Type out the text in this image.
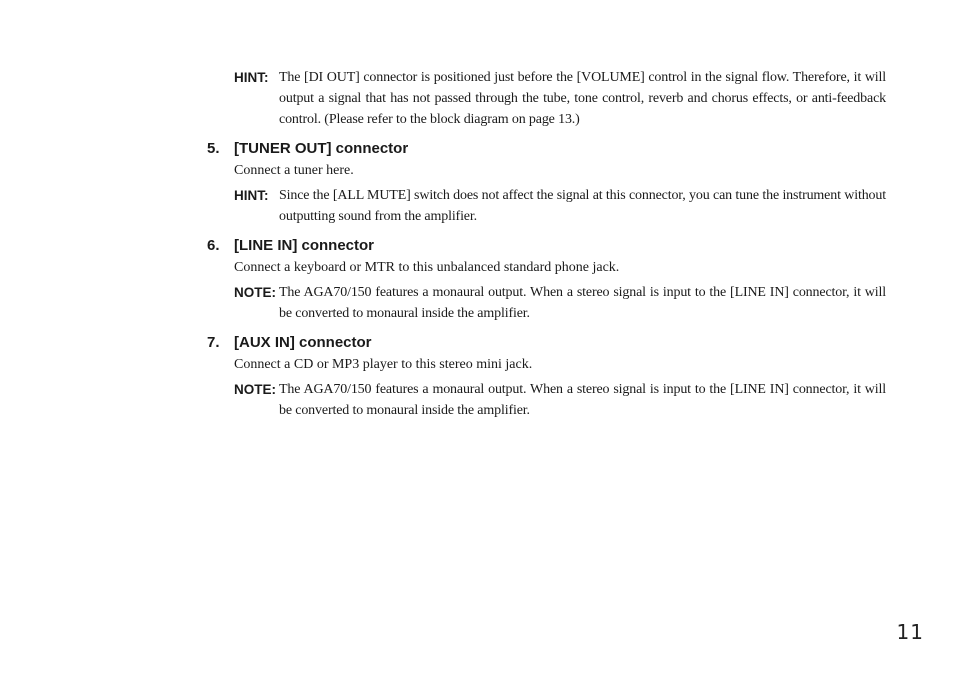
HINT: The [DI OUT] connector is positioned just before the [VOLUME] control in the signal flow. Therefore, it will output a signal that has not passed through the tube, tone control, reverb and chorus effects, or anti-feedback control. (Please refer to the block diagram on page 13.)
5. [TUNER OUT] connector
Connect a tuner here.
HINT: Since the [ALL MUTE] switch does not affect the signal at this connector, you can tune the instrument without outputting sound from the amplifier.
6. [LINE IN] connector
Connect a keyboard or MTR to this unbalanced standard phone jack.
NOTE: The AGA70/150 features a monaural output. When a stereo signal is input to the [LINE IN] connector, it will be converted to monaural inside the amplifier.
7. [AUX IN] connector
Connect a CD or MP3 player to this stereo mini jack.
NOTE: The AGA70/150 features a monaural output. When a stereo signal is input to the [LINE IN] connector, it will be converted to monaural inside the amplifier.
11
